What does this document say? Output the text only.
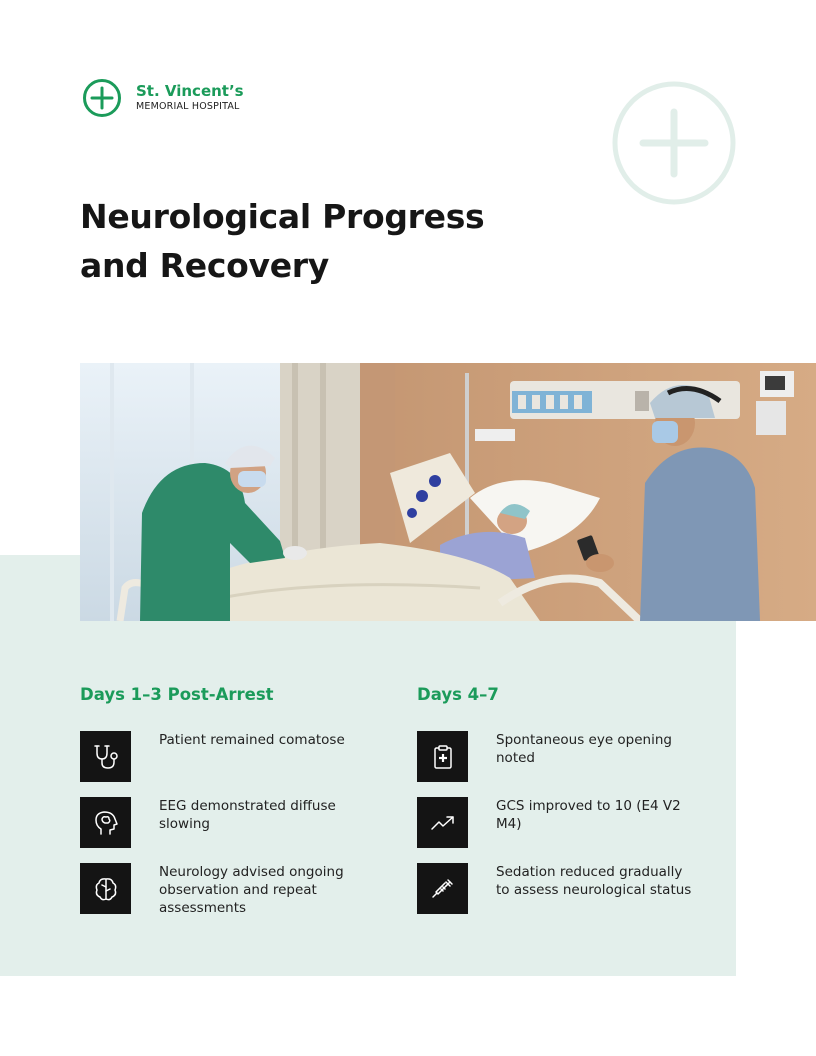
St. Vincent’s
MEMORIAL HOSPITAL
Neurological Progress and Recovery
Days 1–3 Post-Arrest
Patient remained comatose
EEG demonstrated diffuse slowing
Neurology advised ongoing observation and repeat assessments
Days 4–7
Spontaneous eye opening noted
GCS improved to 10 (E4 V2 M4)
Sedation reduced gradually to assess neurological status
